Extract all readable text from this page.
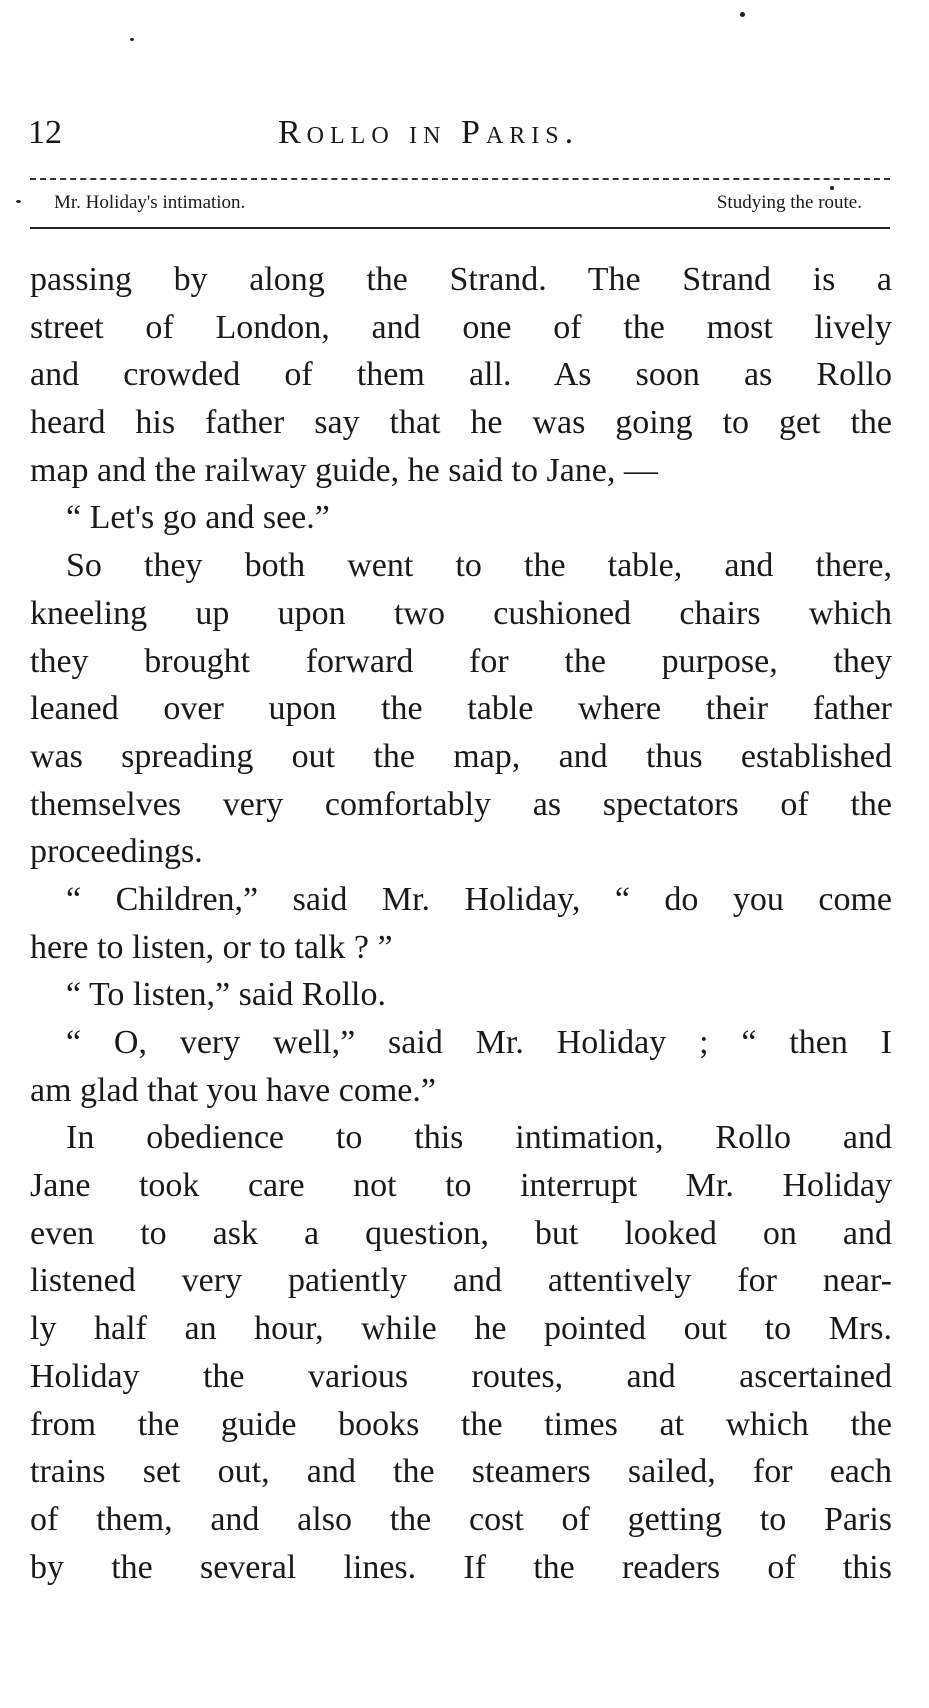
12	Rollo in Paris.
Mr. Holiday's intimation.	Studying the route.
passing by along the Strand. The Strand is a
street of London, and one of the most lively
and crowded of them all. As soon as Rollo
heard his father say that he was going to get the
map and the railway guide, he said to Jane, —
“ Let's go and see.”
So they both went to the table, and there,
kneeling up upon two cushioned chairs which
they brought forward for the purpose, they
leaned over upon the table where their father
was spreading out the map, and thus established
themselves very comfortably as spectators of the
proceedings.
“ Children,” said Mr. Holiday, “ do you come
here to listen, or to talk ? ”
“ To listen,” said Rollo.
“ O, very well,” said Mr. Holiday ; “ then I
am glad that you have come.”
In obedience to this intimation, Rollo and
Jane took care not to interrupt Mr. Holiday
even to ask a question, but looked on and
listened very patiently and attentively for near-
ly half an hour, while he pointed out to Mrs.
Holiday the various routes, and ascertained
from the guide books the times at which the
trains set out, and the steamers sailed, for each
of them, and also the cost of getting to Paris
by the several lines. If the readers of this
